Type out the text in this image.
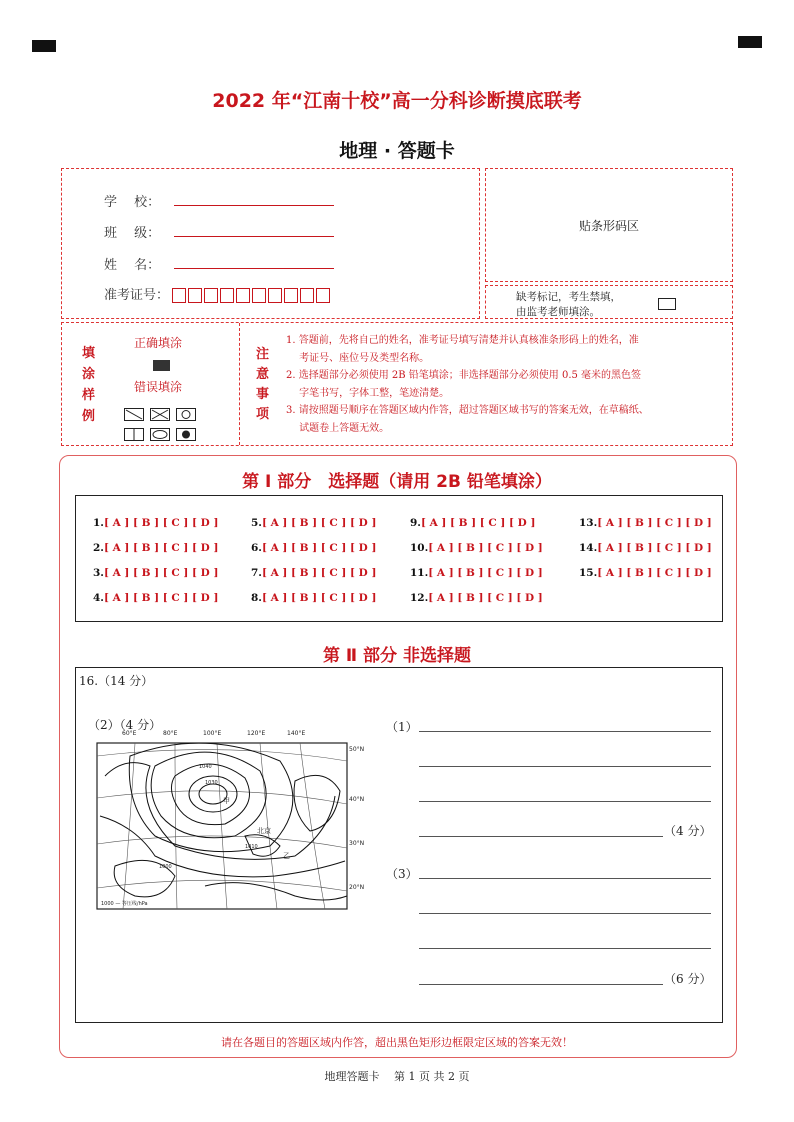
2022 年“江南十校”高一分科诊断摸底联考
地理 · 答题卡
学　 校：
班　 级：
姓　 名：
准考证号：
贴条形码区
缺考标记，考生禁填，
由监考老师填涂。
填
涂
样
例
正确填涂
错误填涂
注
意
事
项
1. 答题前，先将自己的姓名，准考证号填写清楚并认真核准条形码上的姓名，准
　 考证号、座位号及类型名称。
2. 选择题部分必须使用 2B 铅笔填涂；非选择题部分必须使用 0.5 毫米的黑色签
　 字笔书写，字体工整，笔迹清楚。
3. 请按照题号顺序在答题区域内作答，超过答题区域书写的答案无效，在草稿纸、
　 试题卷上答题无效。
第 Ⅰ 部分　选择题（请用 2B 铅笔填涂）
1.[ A ] [ B ] [ C ] [ D ]
2.[ A ] [ B ] [ C ] [ D ]
3.[ A ] [ B ] [ C ] [ D ]
4.[ A ] [ B ] [ C ] [ D ]
5.[ A ] [ B ] [ C ] [ D ]
6.[ A ] [ B ] [ C ] [ D ]
7.[ A ] [ B ] [ C ] [ D ]
8.[ A ] [ B ] [ C ] [ D ]
9.[ A ] [ B ] [ C ] [ D ]
10.[ A ] [ B ] [ C ] [ D ]
11.[ A ] [ B ] [ C ] [ D ]
12.[ A ] [ B ] [ C ] [ D ]
13.[ A ] [ B ] [ C ] [ D ]
14.[ A ] [ B ] [ C ] [ D ]
15.[ A ] [ B ] [ C ] [ D ]
第 Ⅱ 部分 非选择题
16.（14 分）
（2）（4 分）
60°E	80°E	100°E	120°E	140°E
50°N
40°N
30°N
20°N
甲
北京
乙
1040
1030
1010
1000
1000 — 等压线/hPa
（1）
（4 分）
（3）
（6 分）
请在各题目的答题区域内作答，超出黑色矩形边框限定区域的答案无效！
地理答题卡　 第 1 页 共 2 页
